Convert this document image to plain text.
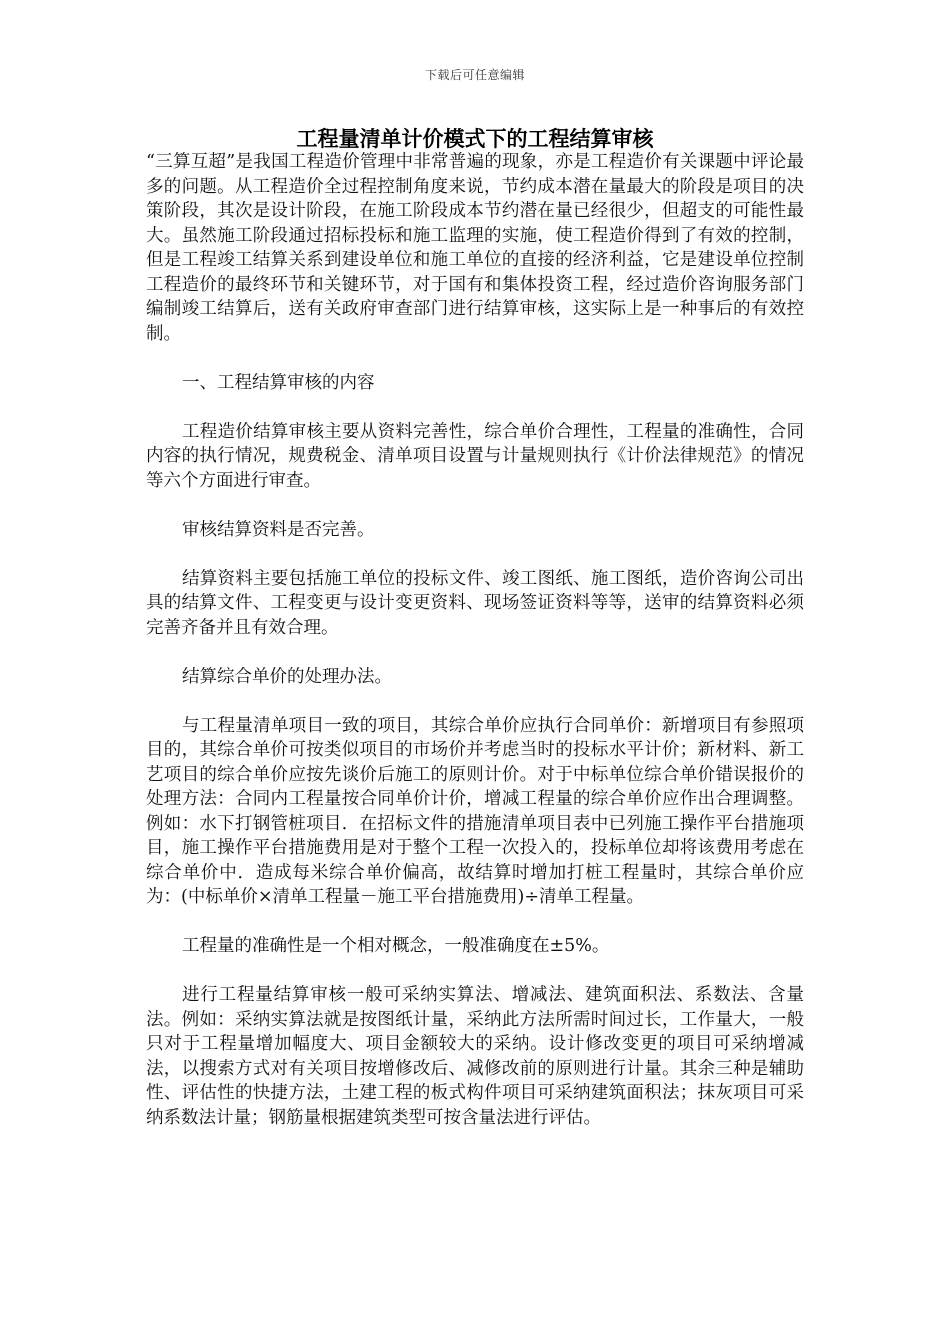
下载后可任意编辑
工程量清单计价模式下的工程结算审核

“三算互超”是我国工程造价管理中非常普遍的现象，亦是工程造价有关课题中评论最多的问题。从工程造价全过程控制角度来说，节约成本潜在量最大的阶段是项目的决策阶段，其次是设计阶段，在施工阶段成本节约潜在量已经很少，但超支的可能性最大。虽然施工阶段通过招标投标和施工监理的实施，使工程造价得到了有效的控制，但是工程竣工结算关系到建设单位和施工单位的直接的经济利益，它是建设单位控制工程造价的最终环节和关键环节，对于国有和集体投资工程，经过造价咨询服务部门编制竣工结算后，送有关政府审查部门进行结算审核，这实际上是一种事后的有效控制。

一、工程结算审核的内容

工程造价结算审核主要从资料完善性，综合单价合理性，工程量的准确性，合同内容的执行情况，规费税金、清单项目设置与计量规则执行《计价法律规范》的情况等六个方面进行审查。

审核结算资料是否完善。

结算资料主要包括施工单位的投标文件、竣工图纸、施工图纸，造价咨询公司出具的结算文件、工程变更与设计变更资料、现场签证资料等等，送审的结算资料必须完善齐备并且有效合理。

结算综合单价的处理办法。

与工程量清单项目一致的项目，其综合单价应执行合同单价：新增项目有参照项目的，其综合单价可按类似项目的市场价并考虑当时的投标水平计价；新材料、新工艺项目的综合单价应按先谈价后施工的原则计价。对于中标单位综合单价错误报价的处理方法：合同内工程量按合同单价计价，增减工程量的综合单价应作出合理调整。例如：水下打钢管桩项目．在招标文件的措施清单项目表中已列施工操作平台措施项目，施工操作平台措施费用是对于整个工程一次投入的，投标单位却将该费用考虑在综合单价中．造成每米综合单价偏高，故结算时增加打桩工程量时，其综合单价应为：(中标单价×清单工程量－施工平台措施费用)÷清单工程量。

工程量的准确性是一个相对概念，一般准确度在±5%。

进行工程量结算审核一般可采纳实算法、增减法、建筑面积法、系数法、含量法。例如：采纳实算法就是按图纸计量，采纳此方法所需时间过长，工作量大，一般只对于工程量增加幅度大、项目金额较大的采纳。设计修改变更的项目可采纳增减法，以搜索方式对有关项目按增修改后、减修改前的原则进行计量。其余三种是辅助性、评估性的快捷方法，土建工程的板式构件项目可采纳建筑面积法；抹灰项目可采纳系数法计量；钢筋量根据建筑类型可按含量法进行评估。
